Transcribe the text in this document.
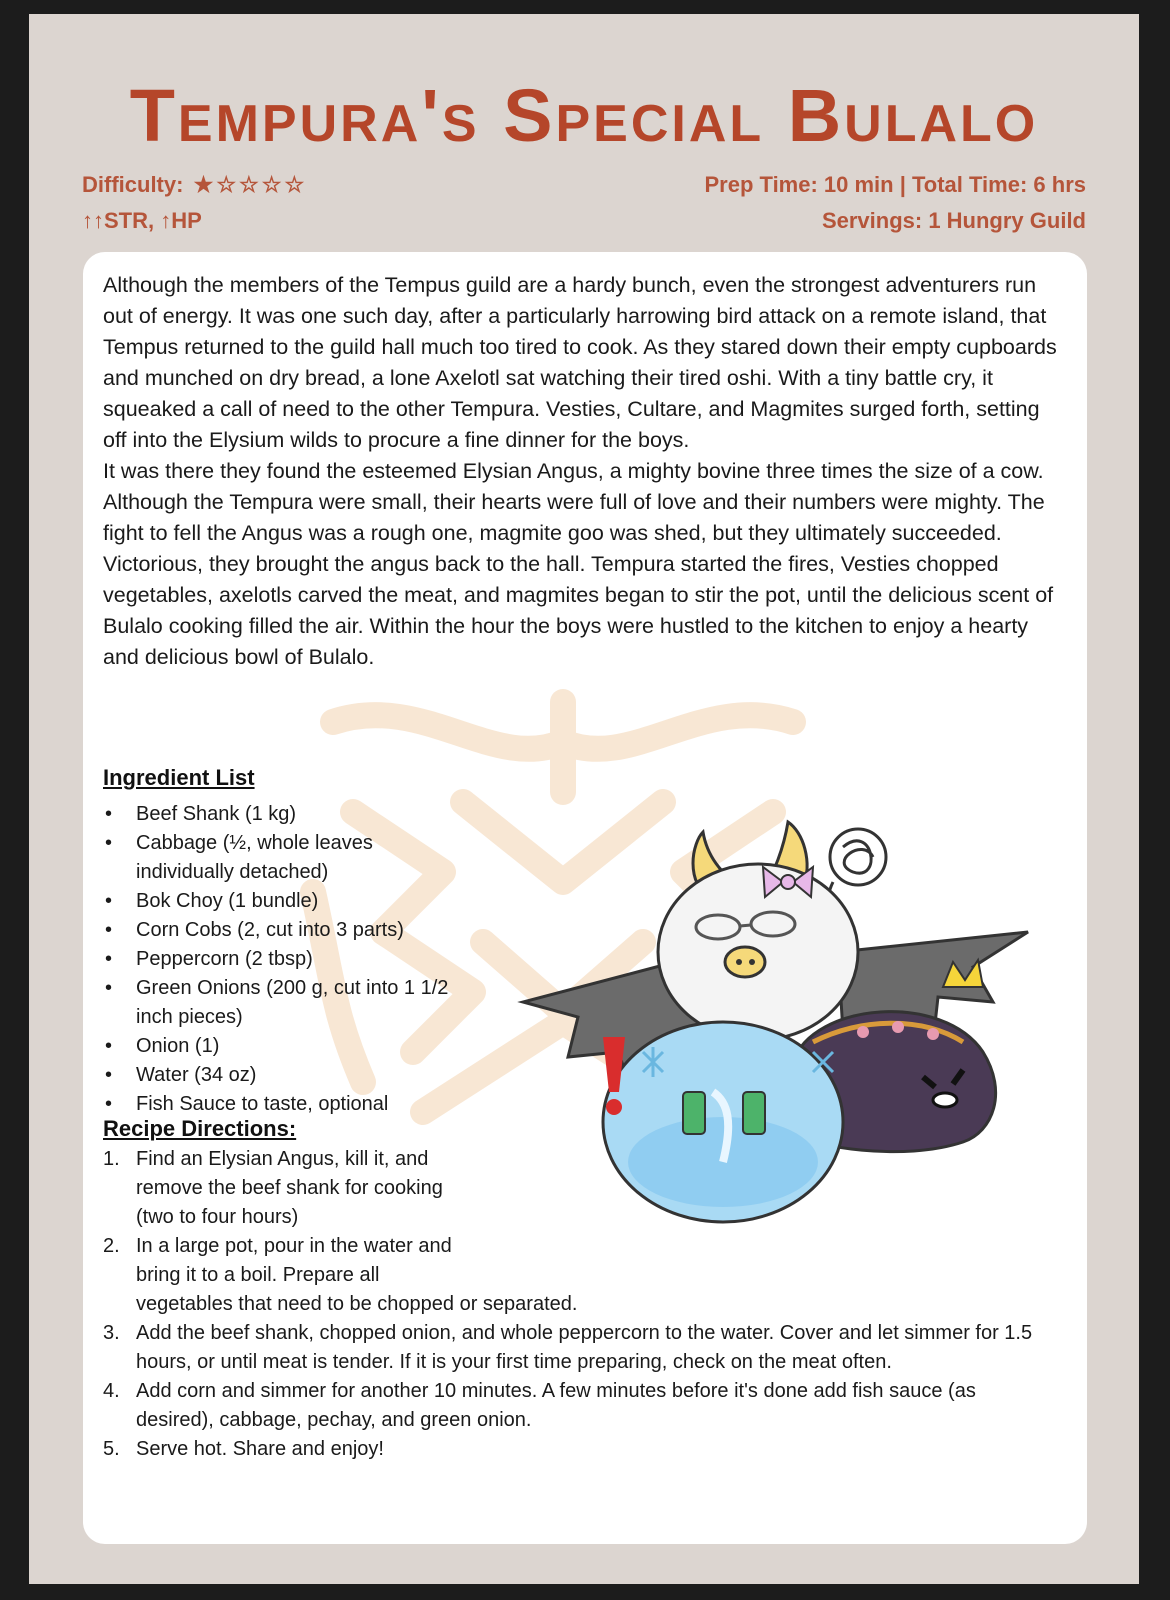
Tempura's Special Bulalo
Difficulty: ★☆☆☆☆
↑↑STR, ↑HP
Prep Time: 10 min | Total Time: 6 hrs
Servings: 1 Hungry Guild

Although the members of the Tempus guild are a hardy bunch, even the strongest adventurers run out of energy. It was one such day, after a particularly harrowing bird attack on a remote island, that Tempus returned to the guild hall much too tired to cook. As they stared down their empty cupboards and munched on dry bread, a lone Axelotl sat watching their tired oshi. With a tiny battle cry, it squeaked a call of need to the other Tempura. Vesties, Cultare, and Magmites surged forth, setting off into the Elysium wilds to procure a fine dinner for the boys.

It was there they found the esteemed Elysian Angus, a mighty bovine three times the size of a cow. Although the Tempura were small, their hearts were full of love and their numbers were mighty. The fight to fell the Angus was a rough one, magmite goo was shed, but they ultimately succeeded. Victorious, they brought the angus back to the hall. Tempura started the fires, Vesties chopped vegetables, axelotls carved the meat, and magmites began to stir the pot, until the delicious scent of Bulalo cooking filled the air. Within the hour the boys were hustled to the kitchen to enjoy a hearty and delicious bowl of Bulalo.

Ingredient List
• Beef Shank (1 kg)
• Cabbage (½, whole leaves individually detached)
• Bok Choy (1 bundle)
• Corn Cobs (2, cut into 3 parts)
• Peppercorn (2 tbsp)
• Green Onions (200 g, cut into 1 1/2 inch pieces)
• Onion (1)
• Water (34 oz)
• Fish Sauce to taste, optional
Recipe Directions:
1. Find an Elysian Angus, kill it, and remove the beef shank for cooking (two to four hours)
2. In a large pot, pour in the water and bring it to a boil. Prepare all
vegetables that need to be chopped or separated.
3. Add the beef shank, chopped onion, and whole peppercorn to the water. Cover and let simmer for 1.5 hours, or until meat is tender. If it is your first time preparing, check on the meat often.
4. Add corn and simmer for another 10 minutes. A few minutes before it's done add fish sauce (as desired), cabbage, pechay, and green onion.
5. Serve hot. Share and enjoy!
